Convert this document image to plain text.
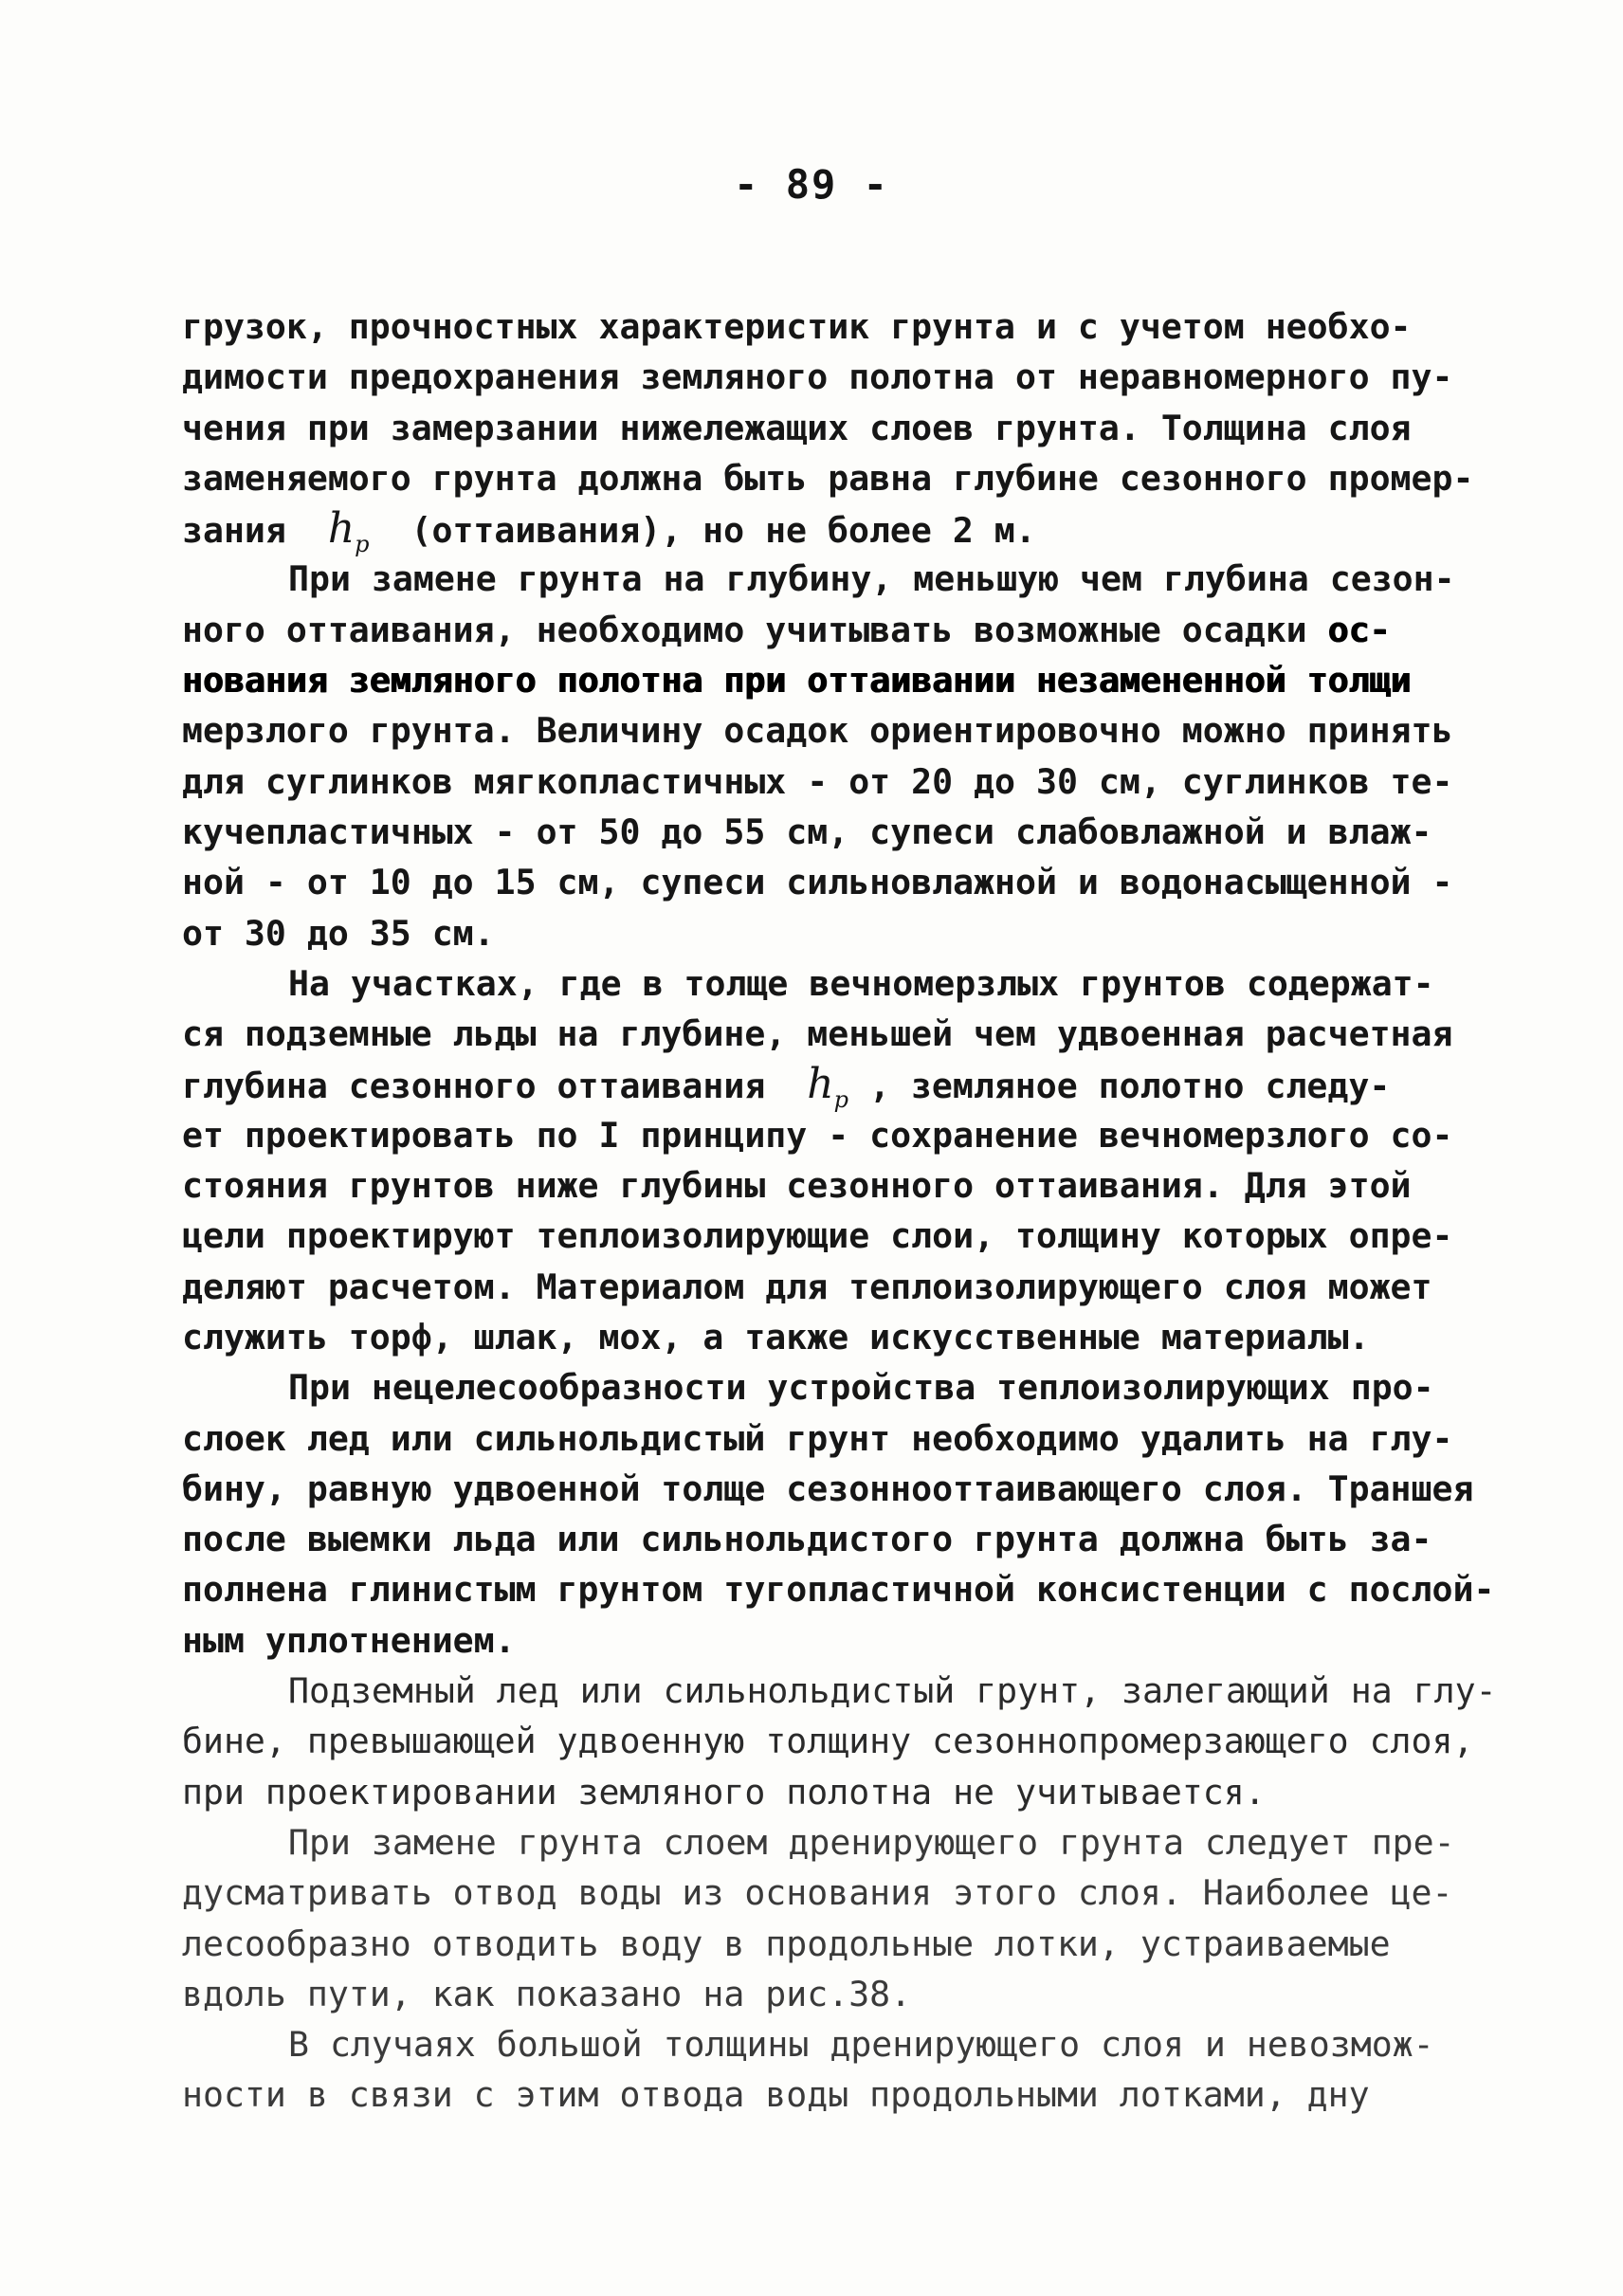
- 89 -
грузок, прочностных характеристик грунта и с учетом необхо-
димости предохранения земляного полотна от неравномерного пу-
чения при замерзании нижележащих слоев грунта. Толщина слоя
заменяемого грунта должна быть равна глубине сезонного промер-
зания  $h_p$  (оттаивания), но не более 2 м.
При замене грунта на глубину, меньшую чем глубина сезон-
ного оттаивания, необходимо учитывать возможные осадки ос-
нования земляного полотна при оттаивании незамененной толщи
мерзлого грунта. Величину осадок ориентировочно можно принять
для суглинков мягкопластичных - от 20 до 30 см, суглинков те-
кучепластичных - от 50 до 55 см, супеси слабовлажной и влаж-
ной - от 10 до 15 см, супеси сильновлажной и водонасыщенной -
от 30 до 35 см.
На участках, где в толще вечномерзлых грунтов содержат-
ся подземные льды на глубине, меньшей чем удвоенная расчетная
глубина сезонного оттаивания  $h_p$ , земляное полотно следу-
ет проектировать по I принципу - сохранение вечномерзлого со-
стояния грунтов ниже глубины сезонного оттаивания. Для этой
цели проектируют теплоизолирующие слои, толщину которых опре-
деляют расчетом. Материалом для теплоизолирующего слоя может
служить торф, шлак, мох, а также искусственные материалы.
При нецелесообразности устройства теплоизолирующих про-
слоек лед или сильнольдистый грунт необходимо удалить на глу-
бину, равную удвоенной толще сезоннооттаивающего слоя. Траншея
после выемки льда или сильнольдистого грунта должна быть за-
полнена глинистым грунтом тугопластичной консистенции с послой-
ным уплотнением.
Подземный лед или сильнольдистый грунт, залегающий на глу-
бине, превышающей удвоенную толщину сезоннопромерзающего слоя,
при проектировании земляного полотна не учитывается.
При замене грунта слоем дренирующего грунта следует пре-
дусматривать отвод воды из основания этого слоя. Наиболее це-
лесообразно отводить воду в продольные лотки, устраиваемые
вдоль пути, как показано на рис.38.
В случаях большой толщины дренирующего слоя и невозмож-
ности в связи с этим отвода воды продольными лотками, дну
